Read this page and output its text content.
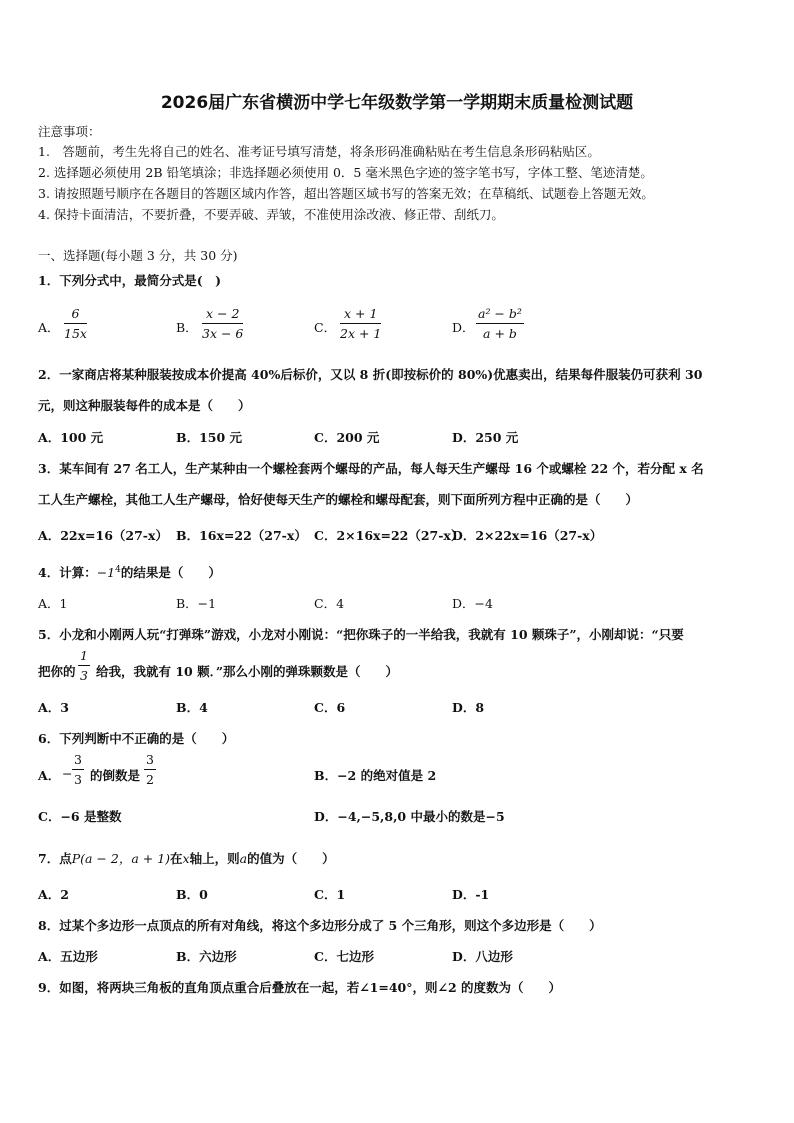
2026届广东省横沥中学七年级数学第一学期期末质量检测试题
注意事项：
1.　答题前，考生先将自己的姓名、准考证号填写清楚，将条形码准确粘贴在考生信息条形码粘贴区。
2. 选择题必须使用 2B 铅笔填涂；非选择题必须使用 0．5 毫米黑色字迹的签字笔书写，字体工整、笔迹清楚。
3. 请按照题号顺序在各题目的答题区域内作答，超出答题区域书写的答案无效；在草稿纸、试题卷上答题无效。
4. 保持卡面清洁，不要折叠，不要弄破、弄皱，不准使用涂改液、修正带、刮纸刀。
一、选择题(每小题 3 分，共 30 分)
1．下列分式中，最简分式是(　)
A． $\frac{6}{15x}$	B． $\frac{x - 2}{3x - 6}$	C． $\frac{x + 1}{2x + 1}$	D． $\frac{\text{a² − b²}}{a + b}$
2．一家商店将某种服装按成本价提高 40%后标价，又以 8 折(即按标价的 80%)优惠卖出，结果每件服装仍可获利 30
元，则这种服装每件的成本是（　　）
A．100 元	B．150 元	C．200 元	D．250 元
3．某车间有 27 名工人，生产某种由一个螺栓套两个螺母的产品，每人每天生产螺母 16 个或螺栓 22 个，若分配 x 名
工人生产螺栓，其他工人生产螺母，恰好使每天生产的螺栓和螺母配套，则下面所列方程中正确的是（　　）
A．22x=16（27-x） B．16x=22（27-x） C．2×16x=22（27-x）
D．2×22x=16（27-x）
4．计算：$-1^4$的结果是（　　）
A．1	B．−1	C．4	D．−4
5．小龙和小刚两人玩“打弹珠”游戏，小龙对小刚说：“把你珠子的一半给我，我就有 10 颗珠子”，小刚却说：“只要
把你的 $\frac{1}{3}$ 给我，我就有 10 颗．”那么小刚的弹珠颗数是（　　）
A．3	B．4	C．6	D．8
6．下列判断中不正确的是（　　）
A． − $\frac{3}{3}$ 的倒数是 $\frac{3}{2}$	B．−2 的绝对值是 2
C．−6 是整数	D．−4,−5,8,0 中最小的数是−5
7．点P(a − 2，a + 1)在x轴上，则a的值为（　　）
A．2	B．0	C．1	D．-1
8．过某个多边形一点顶点的所有对角线，将这个多边形分成了 5 个三角形，则这个多边形是（　　）
A．五边形	B．六边形	C．七边形	D．八边形
9．如图，将两块三角板的直角顶点重合后叠放在一起，若∠1=40°，则∠2 的度数为（　　）
